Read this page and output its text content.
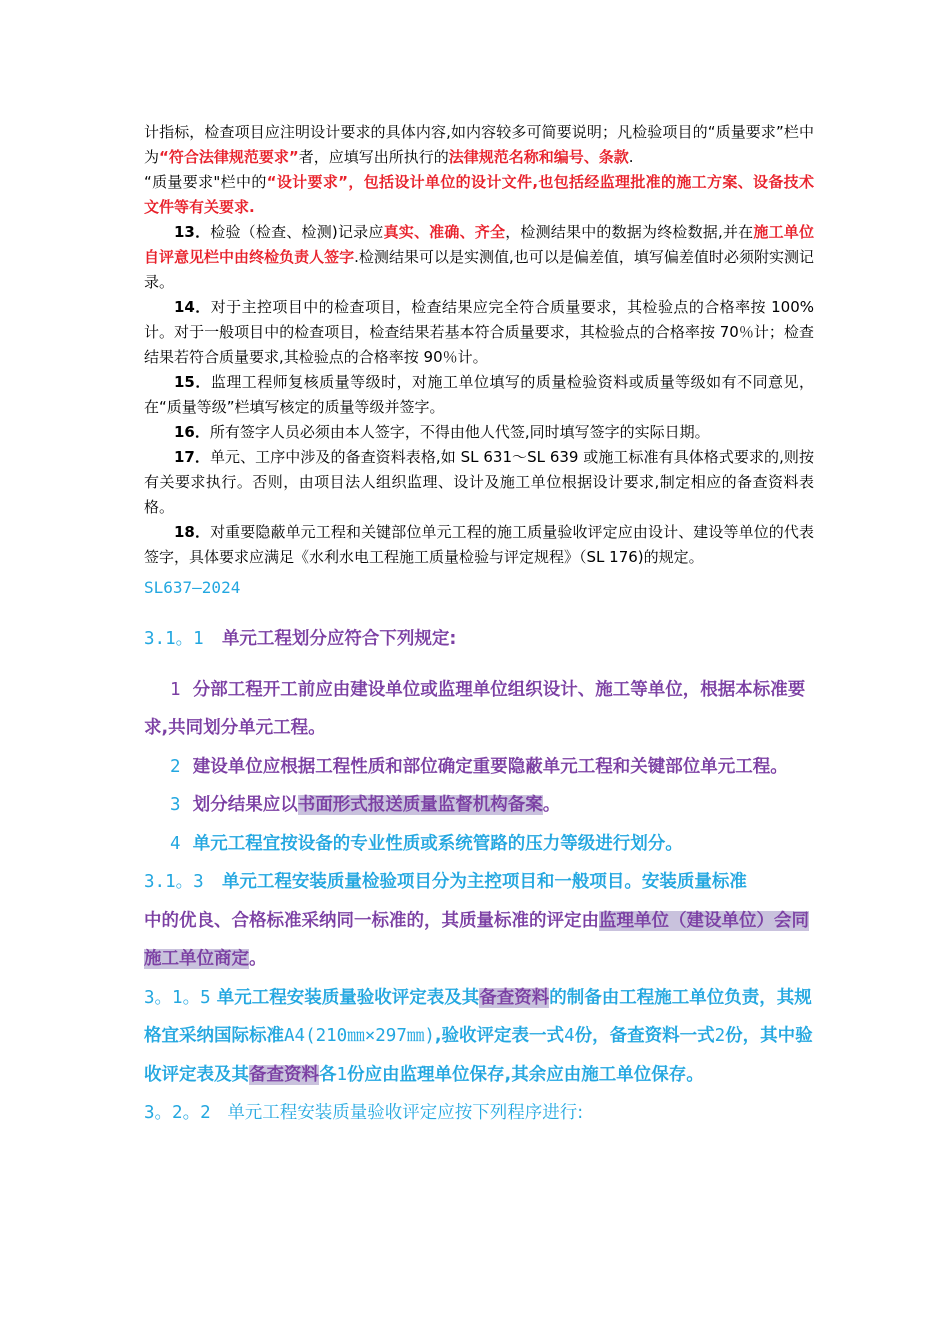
计指标，检查项目应注明设计要求的具体内容,如内容较多可简要说明；凡检验项目的“质量要求”栏中为“符合法律规范要求”者，应填写出所执行的法律规范名称和编号、条款.
“质量要求"栏中的“设计要求”，包括设计单位的设计文件,也包括经监理批准的施工方案、设备技术文件等有关要求.

13．检验（检查、检测)记录应真实、准确、齐全，检测结果中的数据为终检数据,并在施工单位自评意见栏中由终检负责人签字.检测结果可以是实测值,也可以是偏差值，填写偏差值时必须附实测记录。

14．对于主控项目中的检查项目，检查结果应完全符合质量要求，其检验点的合格率按 100%计。对于一般项目中的检查项目，检查结果若基本符合质量要求，其检验点的合格率按 70％计；检查结果若符合质量要求,其检验点的合格率按 90％计。

15．监理工程师复核质量等级时，对施工单位填写的质量检验资料或质量等级如有不同意见，在“质量等级”栏填写核定的质量等级并签字。

16．所有签字人员必须由本人签字，不得由他人代签,同时填写签字的实际日期。

17．单元、工序中涉及的备查资料表格,如 SL 631～SL 639 或施工标准有具体格式要求的,则按有关要求执行。否则，由项目法人组织监理、设计及施工单位根据设计要求,制定相应的备查资料表格。

18．对重要隐蔽单元工程和关键部位单元工程的施工质量验收评定应由设计、建设等单位的代表签字，具体要求应满足《水利水电工程施工质量检验与评定规程》（SL 176)的规定。

SL637—2024

3.1。1 单元工程划分应符合下列规定:

1 分部工程开工前应由建设单位或监理单位组织设计、施工等单位，根据本标准要求,共同划分单元工程。

2 建设单位应根据工程性质和部位确定重要隐蔽单元工程和关键部位单元工程。

3 划分结果应以书面形式报送质量监督机构备案。

4 单元工程宜按设备的专业性质或系统管路的压力等级进行划分。

3.1。3 单元工程安装质量检验项目分为主控项目和一般项目。安装质量标准
中的优良、合格标准采纳同一标准的，其质量标准的评定由监理单位（建设单位）会同施工单位商定。

3。1。5 单元工程安装质量验收评定表及其备查资料的制备由工程施工单位负责，其规格宜采纳国际标准A4(210㎜×297㎜),验收评定表一式4份，备查资料一式2份，其中验收评定表及其备查资料各1份应由监理单位保存,其余应由施工单位保存。

3。2。2 单元工程安装质量验收评定应按下列程序进行:
